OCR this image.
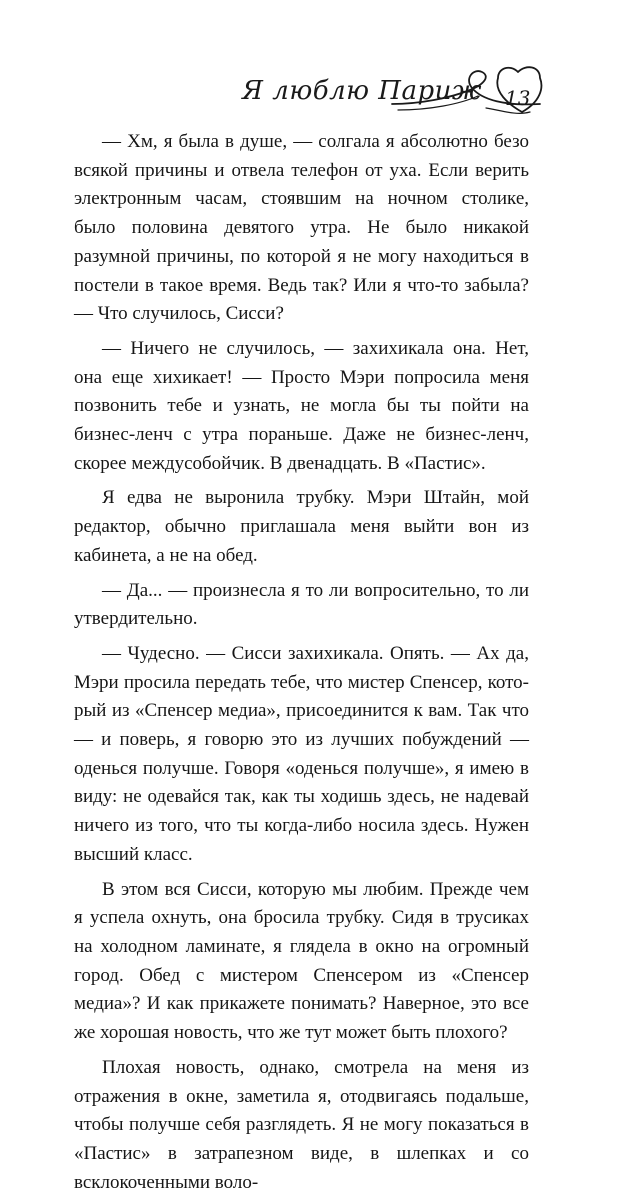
Я люблю Париж 13

— Хм, я была в душе, — солгала я абсолютно безо всякой причины и отвела телефон от уха. Если верить электронным часам, стоявшим на ночном столике, было половина девятого утра. Не было никакой разумной причины, по которой я не могу находиться в постели в такое время. Ведь так? Или я что-то забыла? — Что случилось, Сисси?

— Ничего не случилось, — захихикала она. Нет, она еще хихикает! — Просто Мэри попросила меня позвонить тебе и узнать, не могла бы ты пойти на бизнес-ленч с утра пораньше. Даже не бизнес-ленч, скорее междусобойчик. В двенадцать. В «Пастис».

Я едва не выронила трубку. Мэри Штайн, мой редактор, обычно приглашала меня выйти вон из кабинета, а не на обед.

— Да... — произнесла я то ли вопросительно, то ли утвердительно.

— Чудесно. — Сисси захихикала. Опять. — Ах да, Мэри просила передать тебе, что мистер Спенсер, который из «Спенсер медиа», присоединится к вам. Так что — и поверь, я говорю это из лучших побуждений — оденься получше. Говоря «оденься получше», я имею в виду: не одевайся так, как ты ходишь здесь, не надевай ничего из того, что ты когда-либо носила здесь. Нужен высший класс.

В этом вся Сисси, которую мы любим. Прежде чем я успела охнуть, она бросила трубку. Сидя в трусиках на холодном ламинате, я глядела в окно на огромный город. Обед с мистером Спенсером из «Спенсер медиа»? И как прикажете понимать? Наверное, это все же хорошая новость, что же тут может быть плохого?

Плохая новость, однако, смотрела на меня из отражения в окне, заметила я, отодвигаясь подальше, чтобы получше себя разглядеть. Я не могу показаться в «Пастис» в затрапезном виде, в шлепках и со всклокоченными воло-
